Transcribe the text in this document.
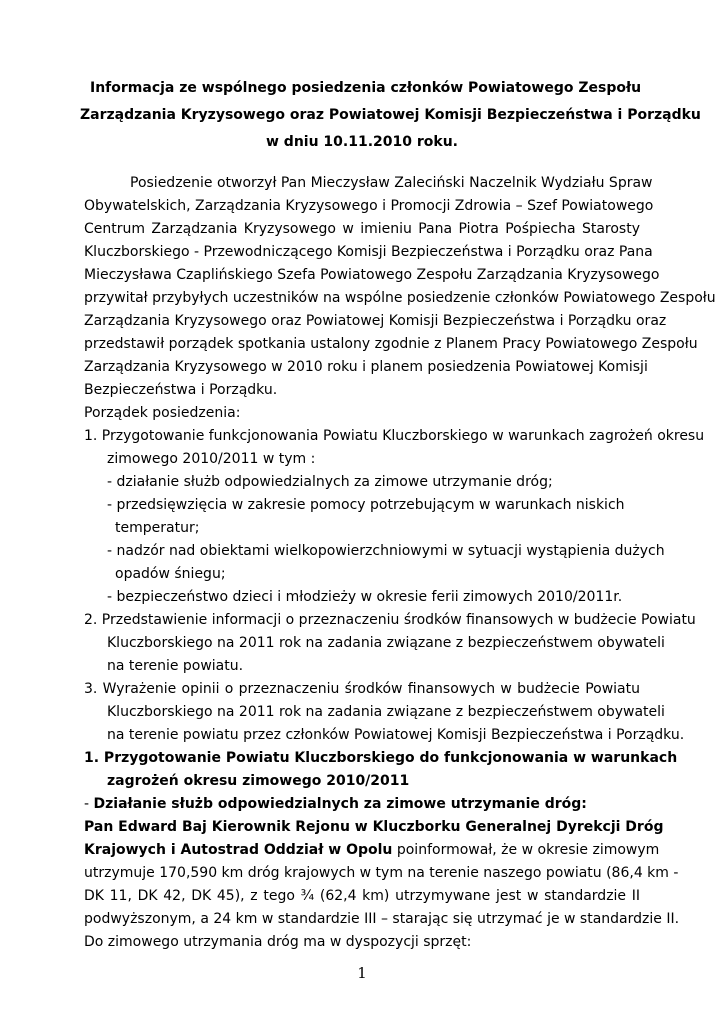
Informacja ze wspólnego posiedzenia członków Powiatowego Zespołu
Zarządzania Kryzysowego oraz Powiatowej Komisji Bezpieczeństwa i Porządku
w dniu 10.11.2010 roku.
Posiedzenie otworzył Pan Mieczysław Zaleciński Naczelnik Wydziału Spraw
Obywatelskich, Zarządzania Kryzysowego i Promocji Zdrowia – Szef Powiatowego
Centrum Zarządzania Kryzysowego w imieniu Pana Piotra Pośpiecha Starosty
Kluczborskiego - Przewodniczącego Komisji Bezpieczeństwa i Porządku oraz Pana
Mieczysława Czaplińskiego Szefa Powiatowego Zespołu Zarządzania Kryzysowego
przywitał przybyłych uczestników na wspólne posiedzenie członków Powiatowego Zespołu
Zarządzania Kryzysowego oraz Powiatowej Komisji Bezpieczeństwa i Porządku oraz
przedstawił porządek spotkania ustalony zgodnie z Planem Pracy Powiatowego Zespołu
Zarządzania Kryzysowego w 2010 roku i planem posiedzenia Powiatowej Komisji
Bezpieczeństwa i Porządku.
Porządek posiedzenia:
1. Przygotowanie funkcjonowania Powiatu Kluczborskiego w warunkach zagrożeń okresu
zimowego 2010/2011 w tym :
- działanie służb odpowiedzialnych za zimowe utrzymanie dróg;
- przedsięwzięcia w zakresie pomocy potrzebującym w warunkach niskich
temperatur;
- nadzór nad obiektami wielkopowierzchniowymi w sytuacji wystąpienia dużych
opadów śniegu;
- bezpieczeństwo dzieci i młodzieży w okresie ferii zimowych 2010/2011r.
2. Przedstawienie informacji o przeznaczeniu środków finansowych w budżecie Powiatu
Kluczborskiego na 2011 rok na zadania związane z bezpieczeństwem obywateli
na terenie powiatu.
3. Wyrażenie opinii o przeznaczeniu środków finansowych w budżecie Powiatu
Kluczborskiego na 2011 rok na zadania związane z bezpieczeństwem obywateli
na terenie powiatu przez członków Powiatowej Komisji Bezpieczeństwa i Porządku.
1. Przygotowanie Powiatu Kluczborskiego do funkcjonowania w warunkach
zagrożeń okresu zimowego 2010/2011
- Działanie służb odpowiedzialnych za zimowe utrzymanie dróg:
Pan Edward Baj Kierownik Rejonu w Kluczborku Generalnej Dyrekcji Dróg
Krajowych i Autostrad Oddział w Opolu poinformował, że w okresie zimowym
utrzymuje 170,590 km dróg krajowych w tym na terenie naszego powiatu (86,4 km -
DK 11, DK 42, DK 45), z tego ¾ (62,4 km) utrzymywane jest w standardzie II
podwyższonym, a 24 km w standardzie III – starając się utrzymać je w standardzie II.
Do zimowego utrzymania dróg ma w dyspozycji sprzęt:
1
